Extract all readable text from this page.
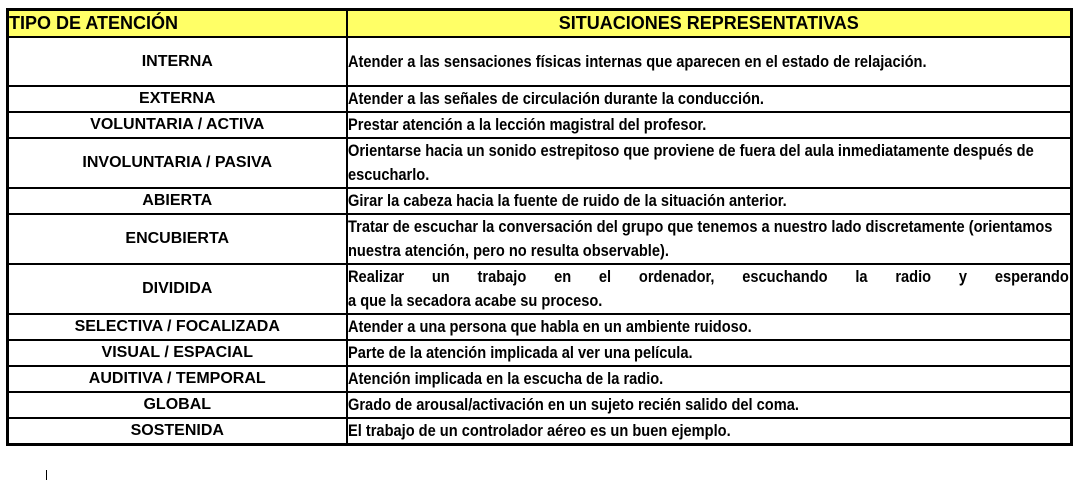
TIPO DE ATENCIÓN	SITUACIONES REPRESENTATIVAS
INTERNA	Atender a las sensaciones físicas internas que aparecen en el estado de relajación.
EXTERNA	Atender a las señales de circulación durante la conducción.
VOLUNTARIA / ACTIVA	Prestar atención a la lección magistral del profesor.
INVOLUNTARIA / PASIVA	Orientarse hacia un sonido estrepitoso que proviene de fuera del aula inmediatamente después de escucharlo.
ABIERTA	Girar la cabeza hacia la fuente de ruido de la situación anterior.
ENCUBIERTA	Tratar de escuchar la conversación del grupo que tenemos a nuestro lado discretamente (orientamos nuestra atención, pero no resulta observable).
DIVIDIDA	Realizar un trabajo en el ordenador, escuchando la radio y esperando
a que la secadora acabe su proceso.

SELECTIVA / FOCALIZADA	Atender a una persona que habla en un ambiente ruidoso.
VISUAL / ESPACIAL	Parte de la atención implicada al ver una película.
AUDITIVA / TEMPORAL	Atención implicada en la escucha de la radio.
GLOBAL	Grado de arousal/activación en un sujeto recién salido del coma.
SOSTENIDA	El trabajo de un controlador aéreo es un buen ejemplo.
